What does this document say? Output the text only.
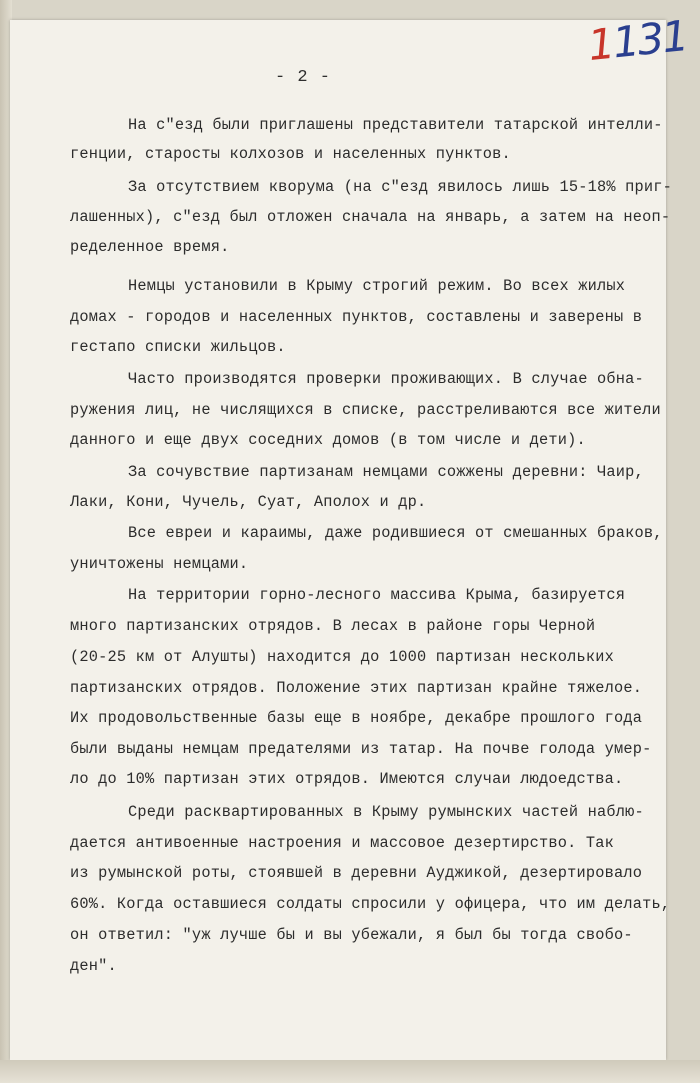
1131
- 2 -
На с"езд были приглашены представители татарской интелли-
генции, старосты колхозов и населенных пунктов.
За отсутствием кворума (на с"езд явилось лишь 15-18% приг-
лашенных), с"езд был отложен сначала на январь, а затем на неоп-
ределенное время.
Немцы установили в Крыму строгий режим. Во всех жилых
домах - городов и населенных пунктов, составлены и заверены в
гестапо списки жильцов.
Часто производятся проверки проживающих. В случае обна-
ружения лиц, не числящихся в списке, расстреливаются все жители
данного и еще двух соседних домов (в том числе и дети).
За сочувствие партизанам немцами сожжены деревни: Чаир,
Лаки, Кони, Чучель, Суат, Аполох и др.
Все евреи и караимы, даже родившиеся от смешанных браков,
уничтожены немцами.
На территории горно-лесного массива Крыма, базируется
много партизанских отрядов. В лесах в районе горы Черной
(20-25 км от Алушты) находится до 1000 партизан нескольких
партизанских отрядов. Положение этих партизан крайне тяжелое.
Их продовольственные базы еще в ноябре, декабре прошлого года
были выданы немцам предателями из татар. На почве голода умер-
ло до 10% партизан этих отрядов. Имеются случаи людоедства.
Среди расквартированных в Крыму румынских частей наблю-
дается антивоенные настроения и массовое дезертирство. Так
из румынской роты, стоявшей в деревни Ауджикой, дезертировало
60%. Когда оставшиеся солдаты спросили у офицера, что им делать,
он ответил: "уж лучше бы и вы убежали, я был бы тогда свобо-
ден".
